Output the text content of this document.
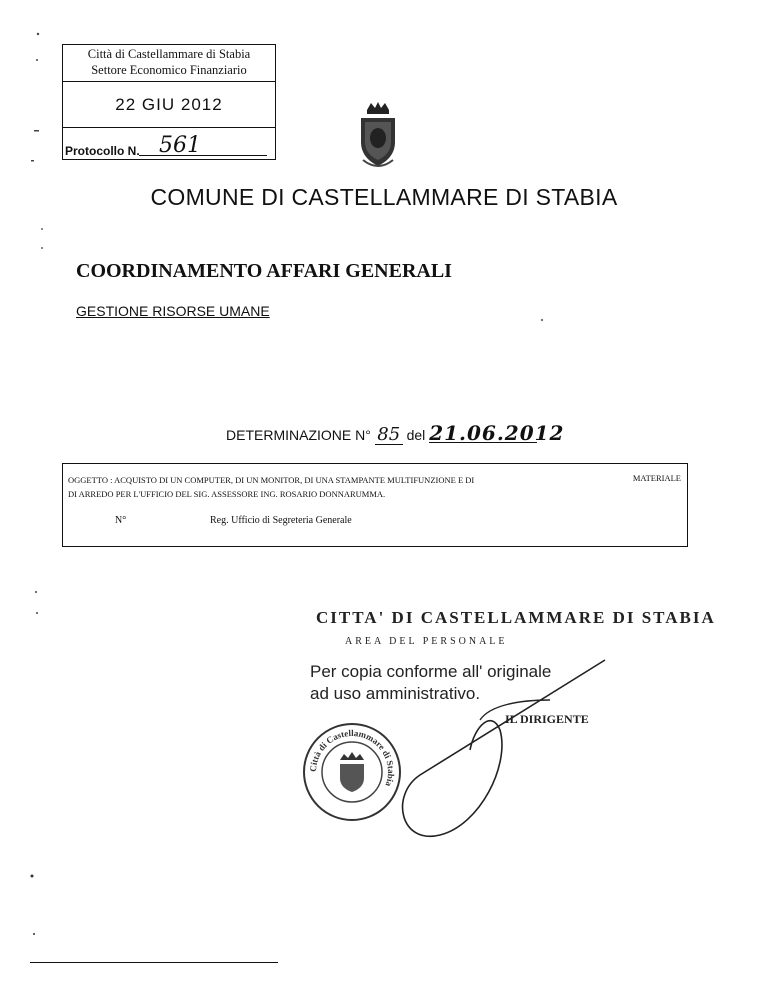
Città di Castellammare di Stabia
Settore Economico Finanziario
22 GIU 2012
Protocollo N. 561
COMUNE DI CASTELLAMMARE DI STABIA
COORDINAMENTO AFFARI GENERALI
GESTIONE RISORSE UMANE
DETERMINAZIONE N° 85 del 21.06.2012
OGGETTO : ACQUISTO DI UN COMPUTER, DI UN MONITOR, DI UNA STAMPANTE MULTIFUNZIONE E DI
DI ARREDO PER L'UFFICIO DEL SIG. ASSESSORE ING. ROSARIO DONNARUMMA.
MATERIALE
N°	Reg. Ufficio di Segreteria Generale
CITTA' DI CASTELLAMMARE DI STABIA
AREA DEL PERSONALE
Per copia conforme all' originale
ad uso amministrativo.
IL DIRIGENTE
Città di Castellammare di Stabia
